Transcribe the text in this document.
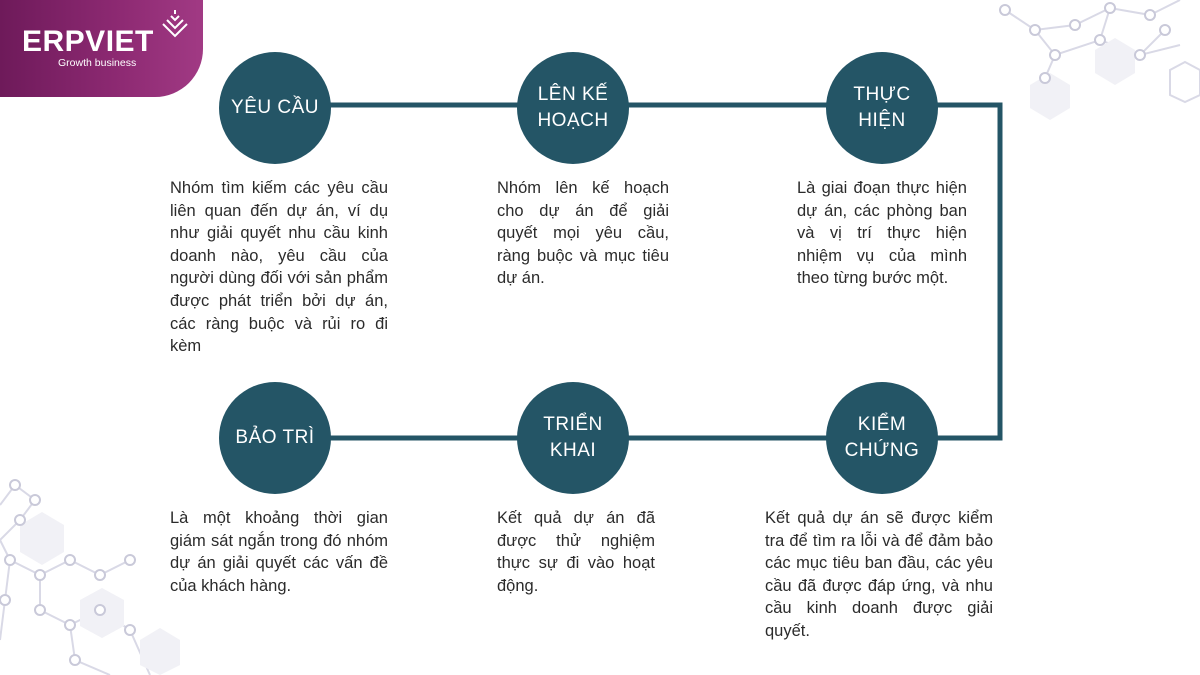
ERPVIET
Growth business
YÊU CẦU
LÊN KẾ HOẠCH
THỰC HIỆN
KIỂM CHỨNG
TRIỂN KHAI
BẢO TRÌ
Nhóm tìm kiếm các yêu cầu liên quan đến dự án, ví dụ như giải quyết nhu cầu kinh doanh nào, yêu cầu của người dùng đối với sản phẩm được phát triển bởi dự án, các ràng buộc và rủi ro đi kèm
Nhóm lên kế hoạch cho dự án để giải quyết mọi yêu cầu, ràng buộc và mục tiêu dự án.
Là giai đoạn thực hiện dự án, các phòng ban và vị trí thực hiện nhiệm vụ của mình theo từng bước một.
Kết quả dự án sẽ được kiểm tra để tìm ra lỗi và để đảm bảo các mục tiêu ban đầu, các yêu cầu đã được đáp ứng, và nhu cầu kinh doanh được giải quyết.
Kết quả dự án đã được thử nghiệm thực sự đi vào hoạt động.
Là một khoảng thời gian giám sát ngắn trong đó nhóm dự án giải quyết các vấn đề của khách hàng.
